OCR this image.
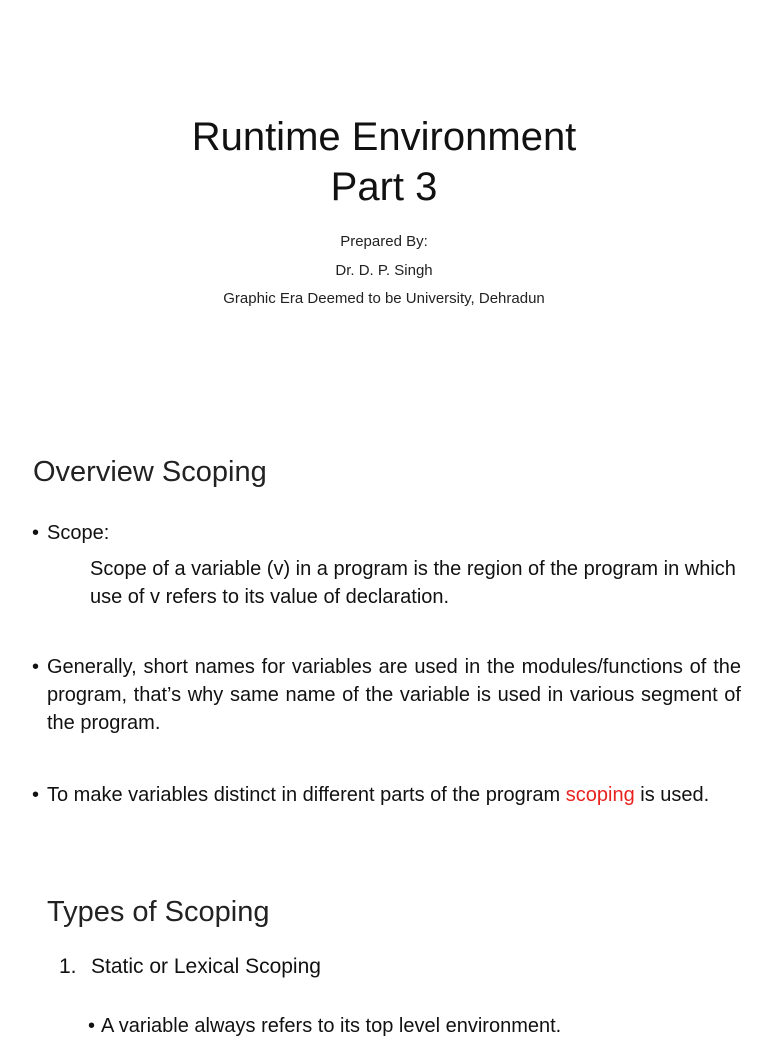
Runtime Environment
Part 3
Prepared By:
Dr. D. P. Singh
Graphic Era Deemed to be University, Dehradun
Overview Scoping
• Scope:
Scope of a variable (v) in a program is the region of the program in which use of v refers to its value of declaration.
• Generally, short names for variables are used in the modules/functions of the program, that’s why same name of the variable is used in various segment of the program.
• To make variables distinct in different parts of the program scoping is used.
Types of Scoping
1. Static or Lexical Scoping
• A variable always refers to its top level environment.
